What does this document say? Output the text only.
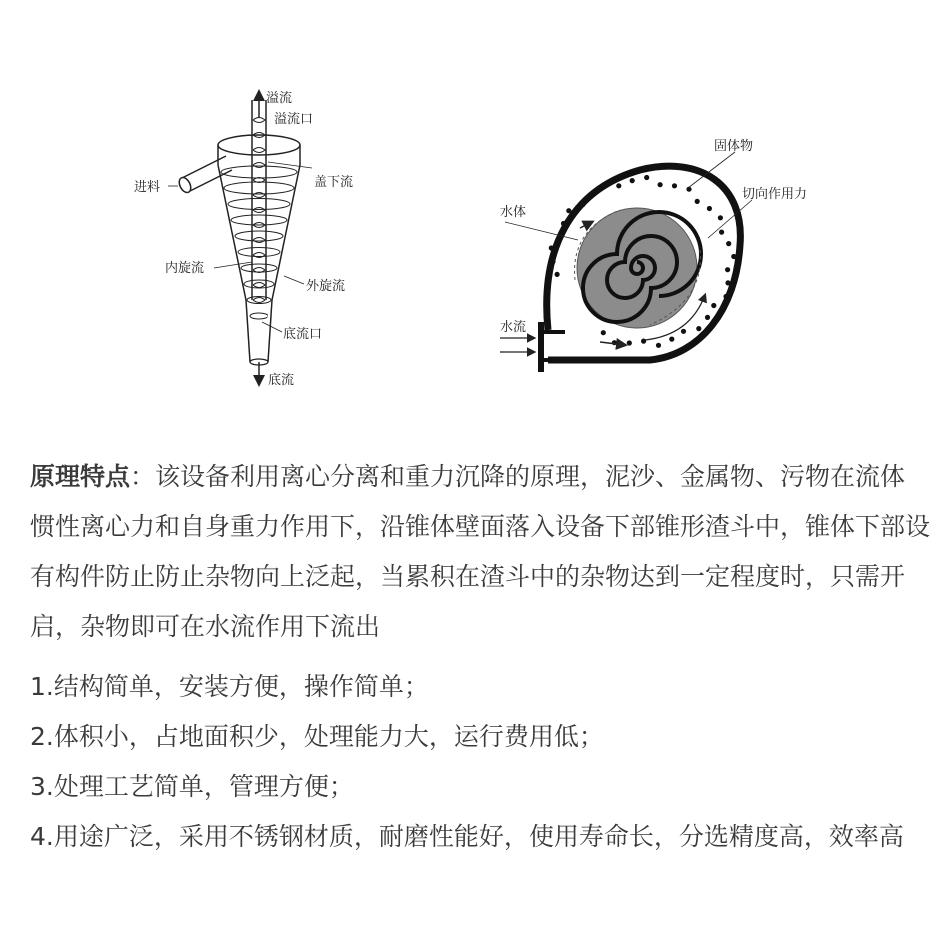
溢流
溢流口
盖下流
进料
内旋流
外旋流
底流口
底流
固体物
切向作用力
水体
水流

原理特点：该设备利用离心分离和重力沉降的原理，泥沙、金属物、污物在流体惯性离心力和自身重力作用下，沿锥体壁面落入设备下部锥形渣斗中，锥体下部设有构件防止防止杂物向上泛起，当累积在渣斗中的杂物达到一定程度时，只需开启，杂物即可在水流作用下流出

1.结构简单，安装方便，操作简单；
2.体积小，占地面积少，处理能力大，运行费用低；
3.处理工艺简单，管理方便；
4.用途广泛，采用不锈钢材质，耐磨性能好，使用寿命长，分选精度高，效率高
